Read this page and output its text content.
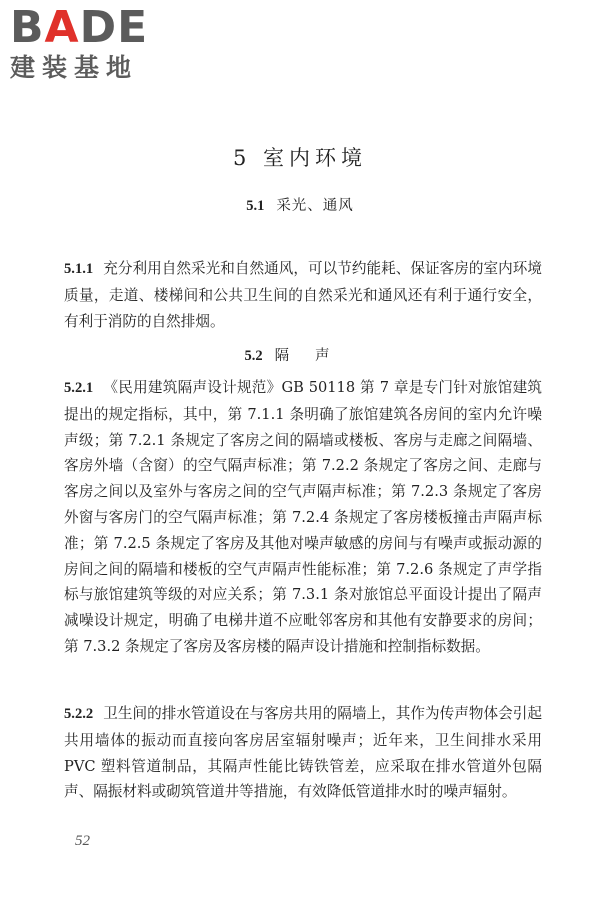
BADE
建装基地
5 室内环境
5.1 采光、通风
5.1.1 充分利用自然采光和自然通风，可以节约能耗、保证客房的室内环境质量，走道、楼梯间和公共卫生间的自然采光和通风还有利于通行安全，有利于消防的自然排烟。
5.2 隔声
5.2.1 《民用建筑隔声设计规范》GB 50118 第 7 章是专门针对旅馆建筑提出的规定指标，其中，第 7.1.1 条明确了旅馆建筑各房间的室内允许噪声级；第 7.2.1 条规定了客房之间的隔墙或楼板、客房与走廊之间隔墙、客房外墙（含窗）的空气隔声标准；第 7.2.2 条规定了客房之间、走廊与客房之间以及室外与客房之间的空气声隔声标准；第 7.2.3 条规定了客房外窗与客房门的空气隔声标准；第 7.2.4 条规定了客房楼板撞击声隔声标准；第 7.2.5 条规定了客房及其他对噪声敏感的房间与有噪声或振动源的房间之间的隔墙和楼板的空气声隔声性能标准；第 7.2.6 条规定了声学指标与旅馆建筑等级的对应关系；第 7.3.1 条对旅馆总平面设计提出了隔声减噪设计规定，明确了电梯井道不应毗邻客房和其他有安静要求的房间；第 7.3.2 条规定了客房及客房楼的隔声设计措施和控制指标数据。
5.2.2 卫生间的排水管道设在与客房共用的隔墙上，其作为传声物体会引起共用墙体的振动而直接向客房居室辐射噪声；近年来，卫生间排水采用 PVC 塑料管道制品，其隔声性能比铸铁管差，应采取在排水管道外包隔声、隔振材料或砌筑管道井等措施，有效降低管道排水时的噪声辐射。
52
